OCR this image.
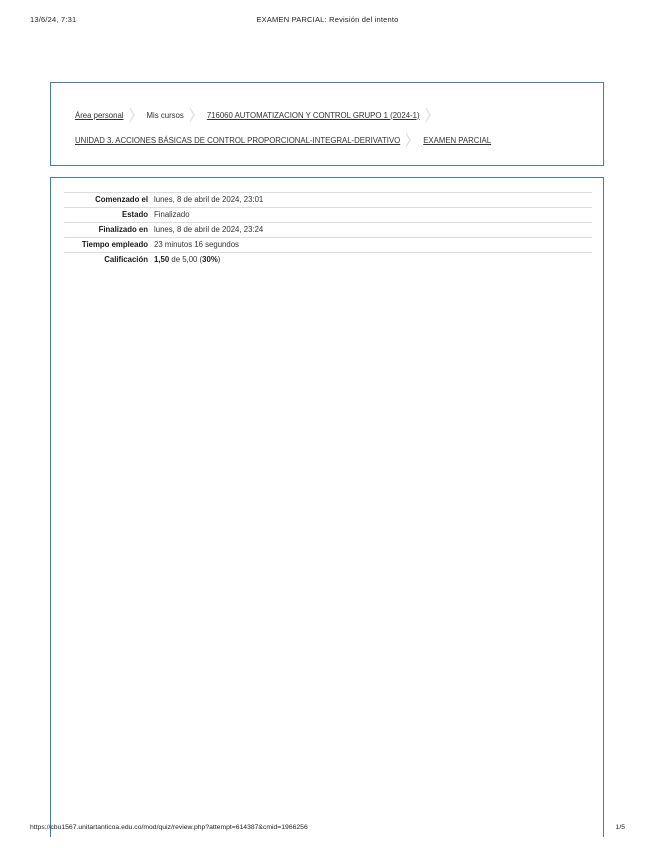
13/6/24, 7:31	EXAMEN PARCIAL: Revisión del intento
Área personal	Mis cursos	716060 AUTOMATIZACION Y CONTROL GRUPO 1 (2024-1)
UNIDAD 3. ACCIONES BÁSICAS DE CONTROL PROPORCIONAL-INTEGRAL-DERIVATIVO	EXAMEN PARCIAL
Comenzado el	lunes, 8 de abril de 2024, 23:01
Estado	Finalizado
Finalizado en	lunes, 8 de abril de 2024, 23:24
Tiempo empleado	23 minutos 16 segundos
Calificación	1,50 de 5,00 (30%)
https://cbu1567.unitartanticoa.edu.co/mod/quiz/review.php?attempt=614387&cmid=1966256	1/5
